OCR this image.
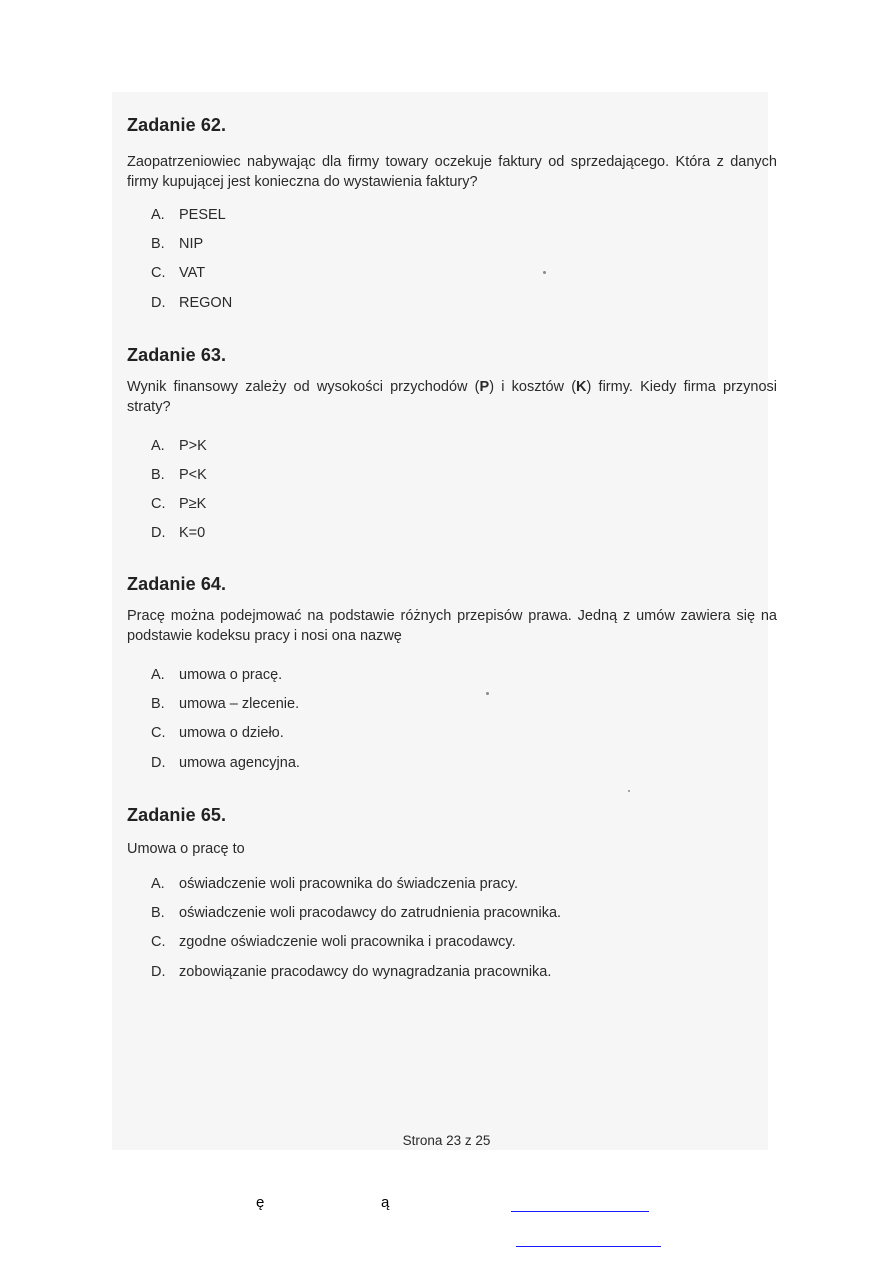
Zadanie 62.

Zaopatrzeniowiec nabywając dla firmy towary oczekuje faktury od sprzedającego. Która z danych firmy kupującej jest konieczna do wystawienia faktury?

A. PESEL
B. NIP
C. VAT
D. REGON
Zadanie 63.

Wynik finansowy zależy od wysokości przychodów (P) i kosztów (K) firmy. Kiedy firma przynosi straty?

A. P>K
B. P<K
C. P≥K
D. K=0
Zadanie 64.

Pracę można podejmować na podstawie różnych przepisów prawa. Jedną z umów zawiera się na podstawie kodeksu pracy i nosi ona nazwę

A. umowa o pracę.
B. umowa – zlecenie.
C. umowa o dzieło.
D. umowa agencyjna.
Zadanie 65.

Umowa o pracę to

A. oświadczenie woli pracownika do świadczenia pracy.
B. oświadczenie woli pracodawcy do zatrudnienia pracownika.
C. zgodne oświadczenie woli pracownika i pracodawcy.
D. zobowiązanie pracodawcy do wynagradzania pracownika.
Strona 23 z 25
ę	ą
